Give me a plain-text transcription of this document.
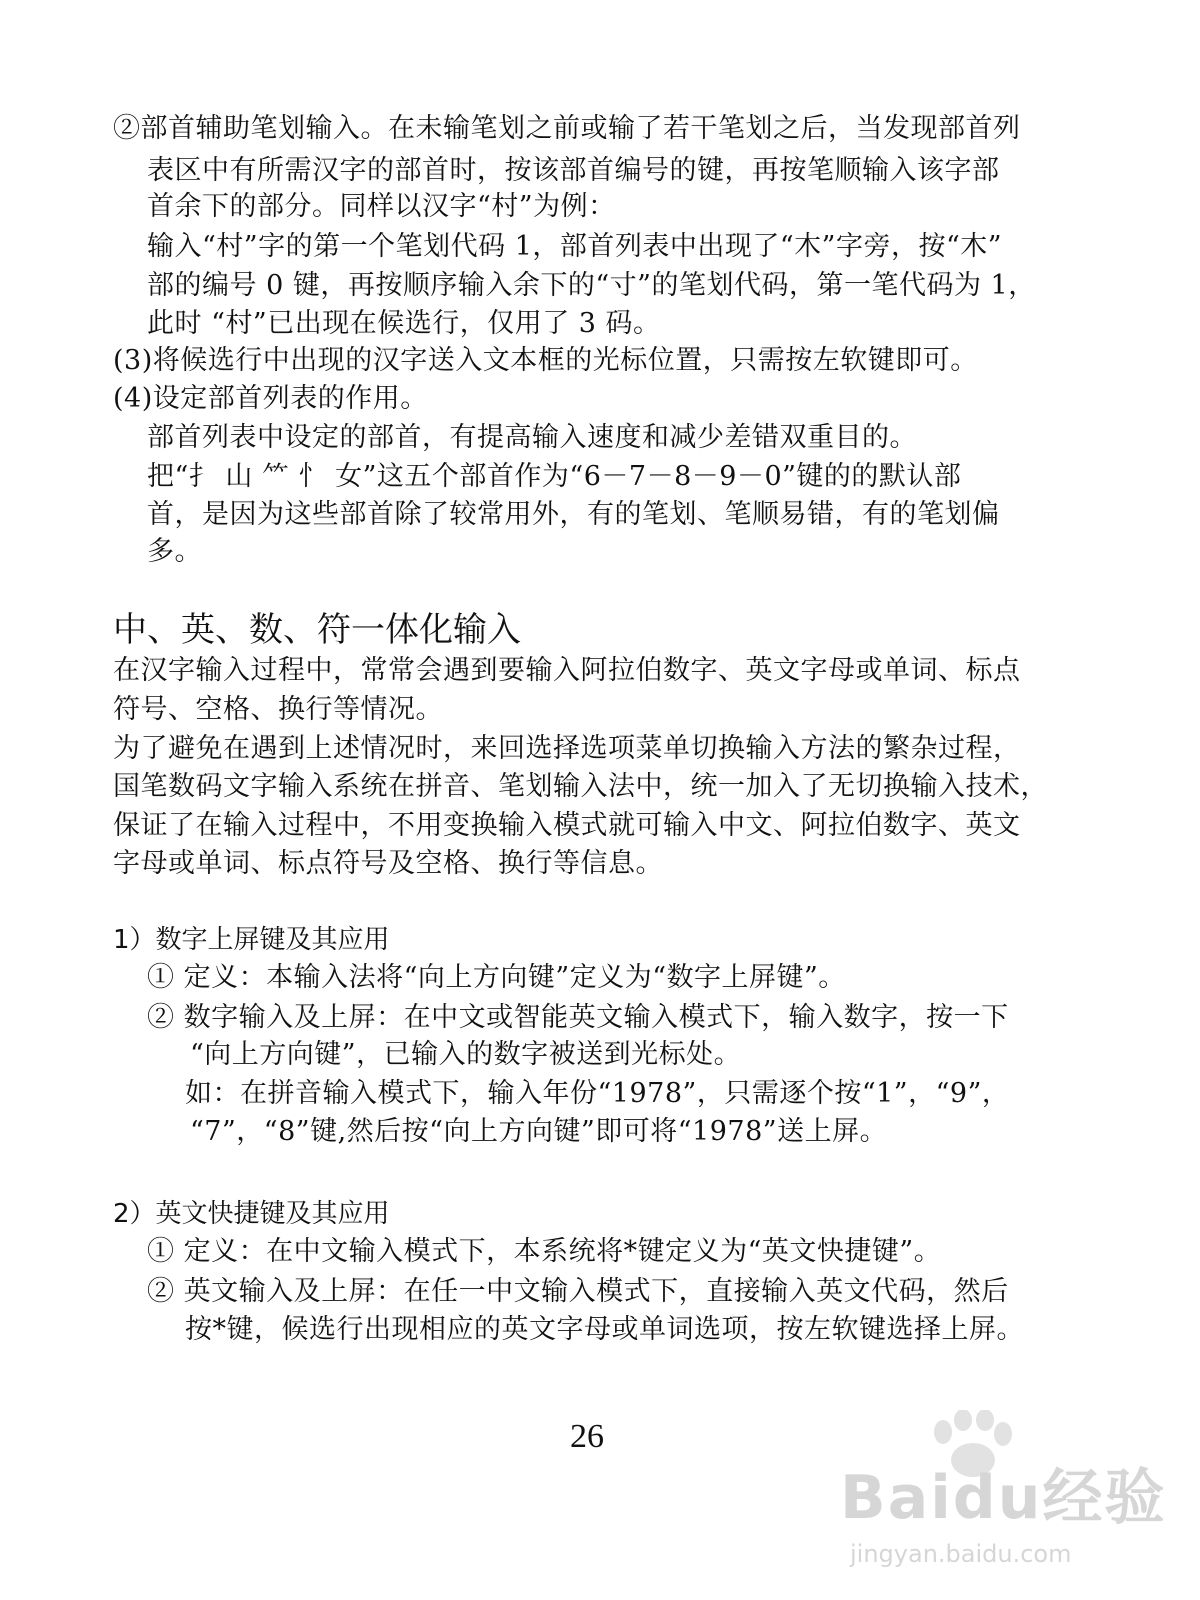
②部首辅助笔划输入。在未输笔划之前或输了若干笔划之后，当发现部首列
表区中有所需汉字的部首时，按该部首编号的键，再按笔顺输入该字部
首余下的部分。同样以汉字“村”为例：
输入“村”字的第一个笔划代码 1，部首列表中出现了“木”字旁，按“木”
部的编号 0 键，再按顺序输入余下的“寸”的笔划代码，第一笔代码为 1，
此时 “村”已出现在候选行，仅用了 3 码。
(3)将候选行中出现的汉字送入文本框的光标位置，只需按左软键即可。
(4)设定部首列表的作用。
部首列表中设定的部首，有提高输入速度和减少差错双重目的。
把“扌 山 ⺮ 忄 女”这五个部首作为“6－7－8－9－0”键的的默认部
首，是因为这些部首除了较常用外，有的笔划、笔顺易错，有的笔划偏
多。
中、英、数、符一体化输入
在汉字输入过程中，常常会遇到要输入阿拉伯数字、英文字母或单词、标点
符号、空格、换行等情况。
为了避免在遇到上述情况时，来回选择选项菜单切换输入方法的繁杂过程，
国笔数码文字输入系统在拼音、笔划输入法中，统一加入了无切换输入技术，
保证了在输入过程中，不用变换输入模式就可输入中文、阿拉伯数字、英文
字母或单词、标点符号及空格、换行等信息。
1）数字上屏键及其应用
① 定义：本输入法将“向上方向键”定义为“数字上屏键”。
② 数字输入及上屏：在中文或智能英文输入模式下，输入数字，按一下
“向上方向键”，已输入的数字被送到光标处。
如：在拼音输入模式下，输入年份“1978”，只需逐个按“1”，“9”，
“7”，“8”键,然后按“向上方向键”即可将“1978”送上屏。
2）英文快捷键及其应用
① 定义：在中文输入模式下，本系统将*键定义为“英文快捷键”。
② 英文输入及上屏：在任一中文输入模式下，直接输入英文代码，然后
按*键，候选行出现相应的英文字母或单词选项，按左软键选择上屏。
26
Baidu经验
jingyan.baidu.com
